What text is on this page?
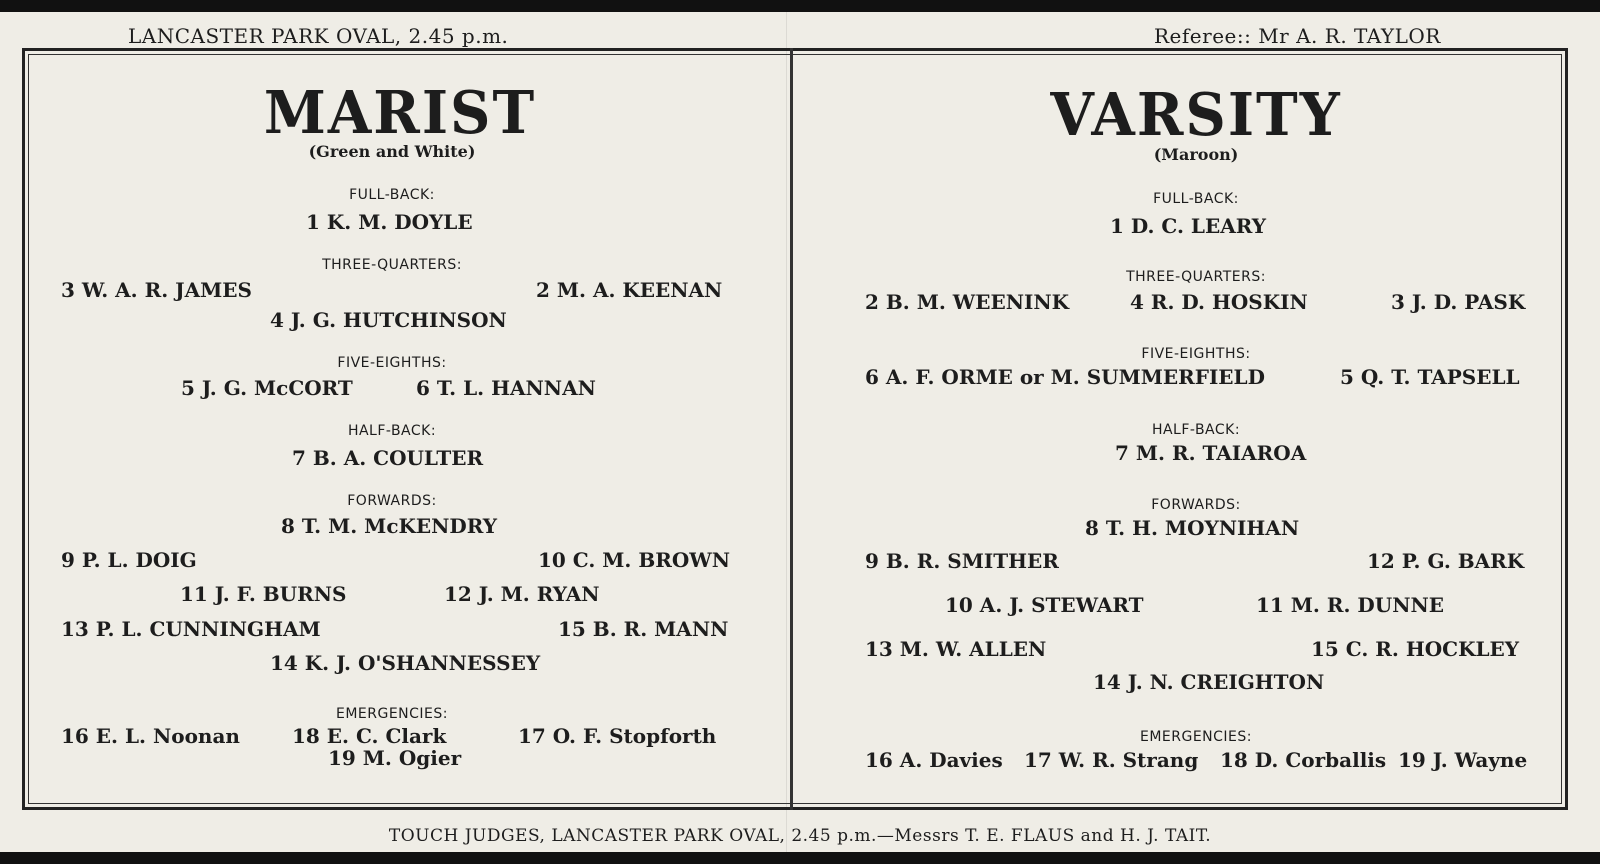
LANCASTER PARK OVAL, 2.45 p.m.	Referee:: Mr A. R. TAYLOR
MARIST
(Green and White)
FULL-BACK:
1 K. M. DOYLE
THREE-QUARTERS:
3 W. A. R. JAMES	2 M. A. KEENAN
4 J. G. HUTCHINSON
FIVE-EIGHTHS:
5 J. G. McCORT	6 T. L. HANNAN
HALF-BACK:
7 B. A. COULTER
FORWARDS:
8 T. M. McKENDRY
9 P. L. DOIG	10 C. M. BROWN
11 J. F. BURNS	12 J. M. RYAN
13 P. L. CUNNINGHAM	15 B. R. MANN
14 K. J. O'SHANNESSEY
EMERGENCIES:
16 E. L. Noonan	18 E. C. Clark	17 O. F. Stopforth
19 M. Ogier
VARSITY
(Maroon)
FULL-BACK:
1 D. C. LEARY
THREE-QUARTERS:
2 B. M. WEENINK	4 R. D. HOSKIN	3 J. D. PASK
FIVE-EIGHTHS:
6 A. F. ORME or M. SUMMERFIELD	5 Q. T. TAPSELL
HALF-BACK:
7 M. R. TAIAROA
FORWARDS:
8 T. H. MOYNIHAN
9 B. R. SMITHER	12 P. G. BARK
10 A. J. STEWART	11 M. R. DUNNE
13 M. W. ALLEN	15 C. R. HOCKLEY
14 J. N. CREIGHTON
EMERGENCIES:
16 A. Davies 17 W. R. Strang 18 D. Corballis 19 J. Wayne
TOUCH JUDGES, LANCASTER PARK OVAL, 2.45 p.m.—Messrs T. E. FLAUS and H. J. TAIT.
